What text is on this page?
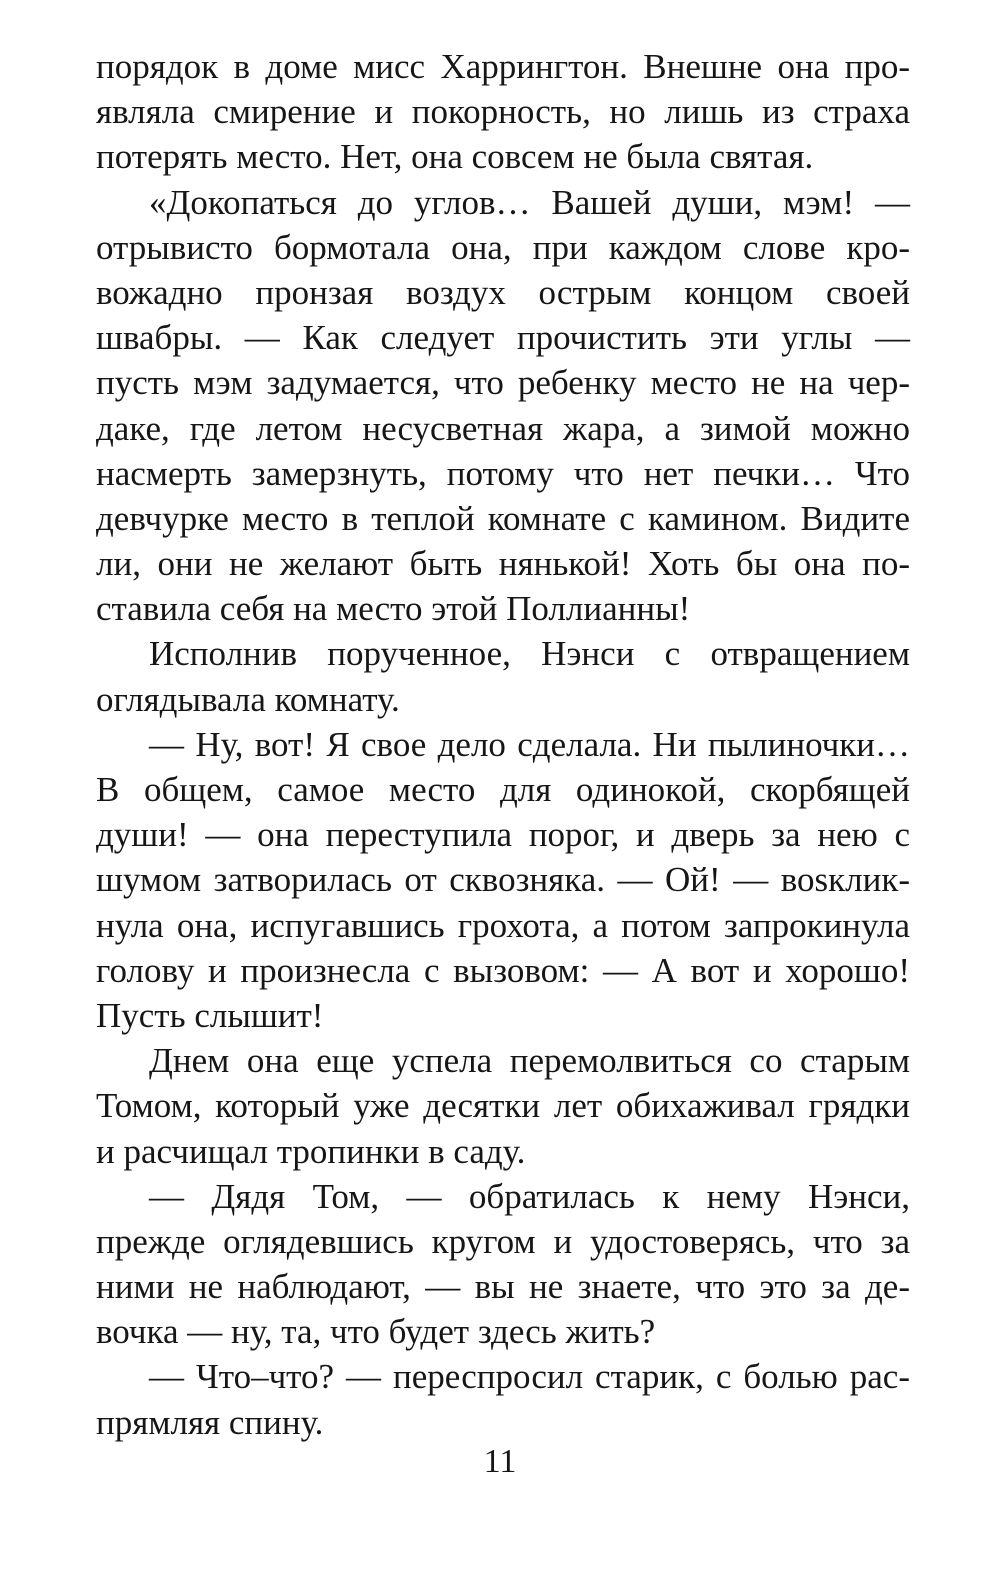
порядок в доме мисс Харрингтон. Внешне она про-
являла смирение и покорность, но лишь из страха
потерять место. Нет, она совсем не была святая.
«Докопаться до углов… Вашей души, мэм! —
отрывисто бормотала она, при каждом слове кро-
вожадно пронзая воздух острым концом своей
швабры. — Как следует прочистить эти углы —
пусть мэм задумается, что ребенку место не на чер-
даке, где летом несусветная жара, а зимой можно
насмерть замерзнуть, потому что нет печки… Что
девчурке место в теплой комнате с камином. Видите
ли, они не желают быть нянькой! Хоть бы она по-
ставила себя на место этой Поллианны!
Исполнив порученное, Нэнси с отвращением
оглядывала комнату.
— Ну, вот! Я свое дело сделала. Ни пылиночки…
В общем, самое место для одинокой, скорбящей
души! — она переступила порог, и дверь за нею с
шумом затворилась от сквозняка. — Ой! — воsклик-
нула она, испугавшись грохота, а потом запрокинула
голову и произнесла с вызовом: — А вот и хорошо!
Пусть слышит!
Днем она еще успела перемолвиться со старым
Томом, который уже десятки лет обихаживал грядки
и расчищал тропинки в саду.
— Дядя Том, — обратилась к нему Нэнси,
прежде оглядевшись кругом и удостоверясь, что за
ними не наблюдают, — вы не знаете, что это за де-
вочка — ну, та, что будет здесь жить?
— Что–что? — переспросил старик, с болью рас-
прямляя спину.
11
